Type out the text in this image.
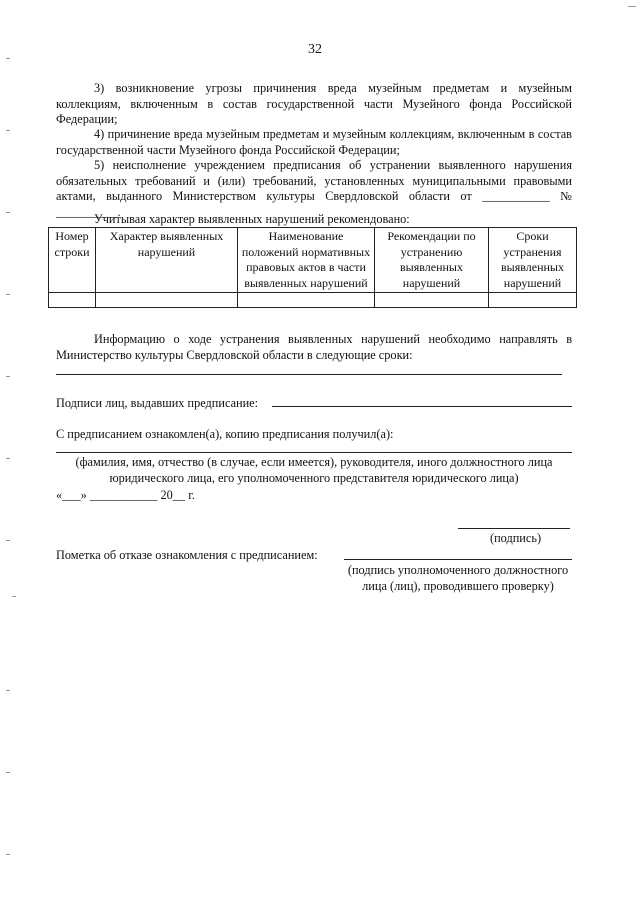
32
3) возникновение угрозы причинения вреда музейным предметам и музейным коллекциям, включенным в состав государственной части Музейного фонда Российской Федерации;
4) причинение вреда музейным предметам и музейным коллекциям, включенным в состав государственной части Музейного фонда Российской Федерации;
5) неисполнение учреждением предписания об устранении выявленного нарушения обязательных требований и (или) требований, установленных муниципальными правовыми актами, выданного Министерством культуры Свердловской области от ___________ № __________.
Учитывая характер выявленных нарушений рекомендовано:
Номер строки	Характер выявленных нарушений	Наименование положений нормативных правовых актов в части выявленных нарушений	Рекомендации по устранению выявленных нарушений	Сроки устранения выявленных нарушений

Информацию о ходе устранения выявленных нарушений необходимо направлять в Министерство культуры Свердловской области в следующие сроки:
Подписи лиц, выдавших предписание:
С предписанием ознакомлен(а), копию предписания получил(а):
(фамилия, имя, отчество (в случае, если имеется), руководителя, иного должностного лица юридического лица, его уполномоченного представителя юридического лица)
«___» ___________ 20__ г.
(подпись)
Пометка об отказе ознакомления с предписанием:
(подпись уполномоченного должностного лица (лиц), проводившего проверку)
